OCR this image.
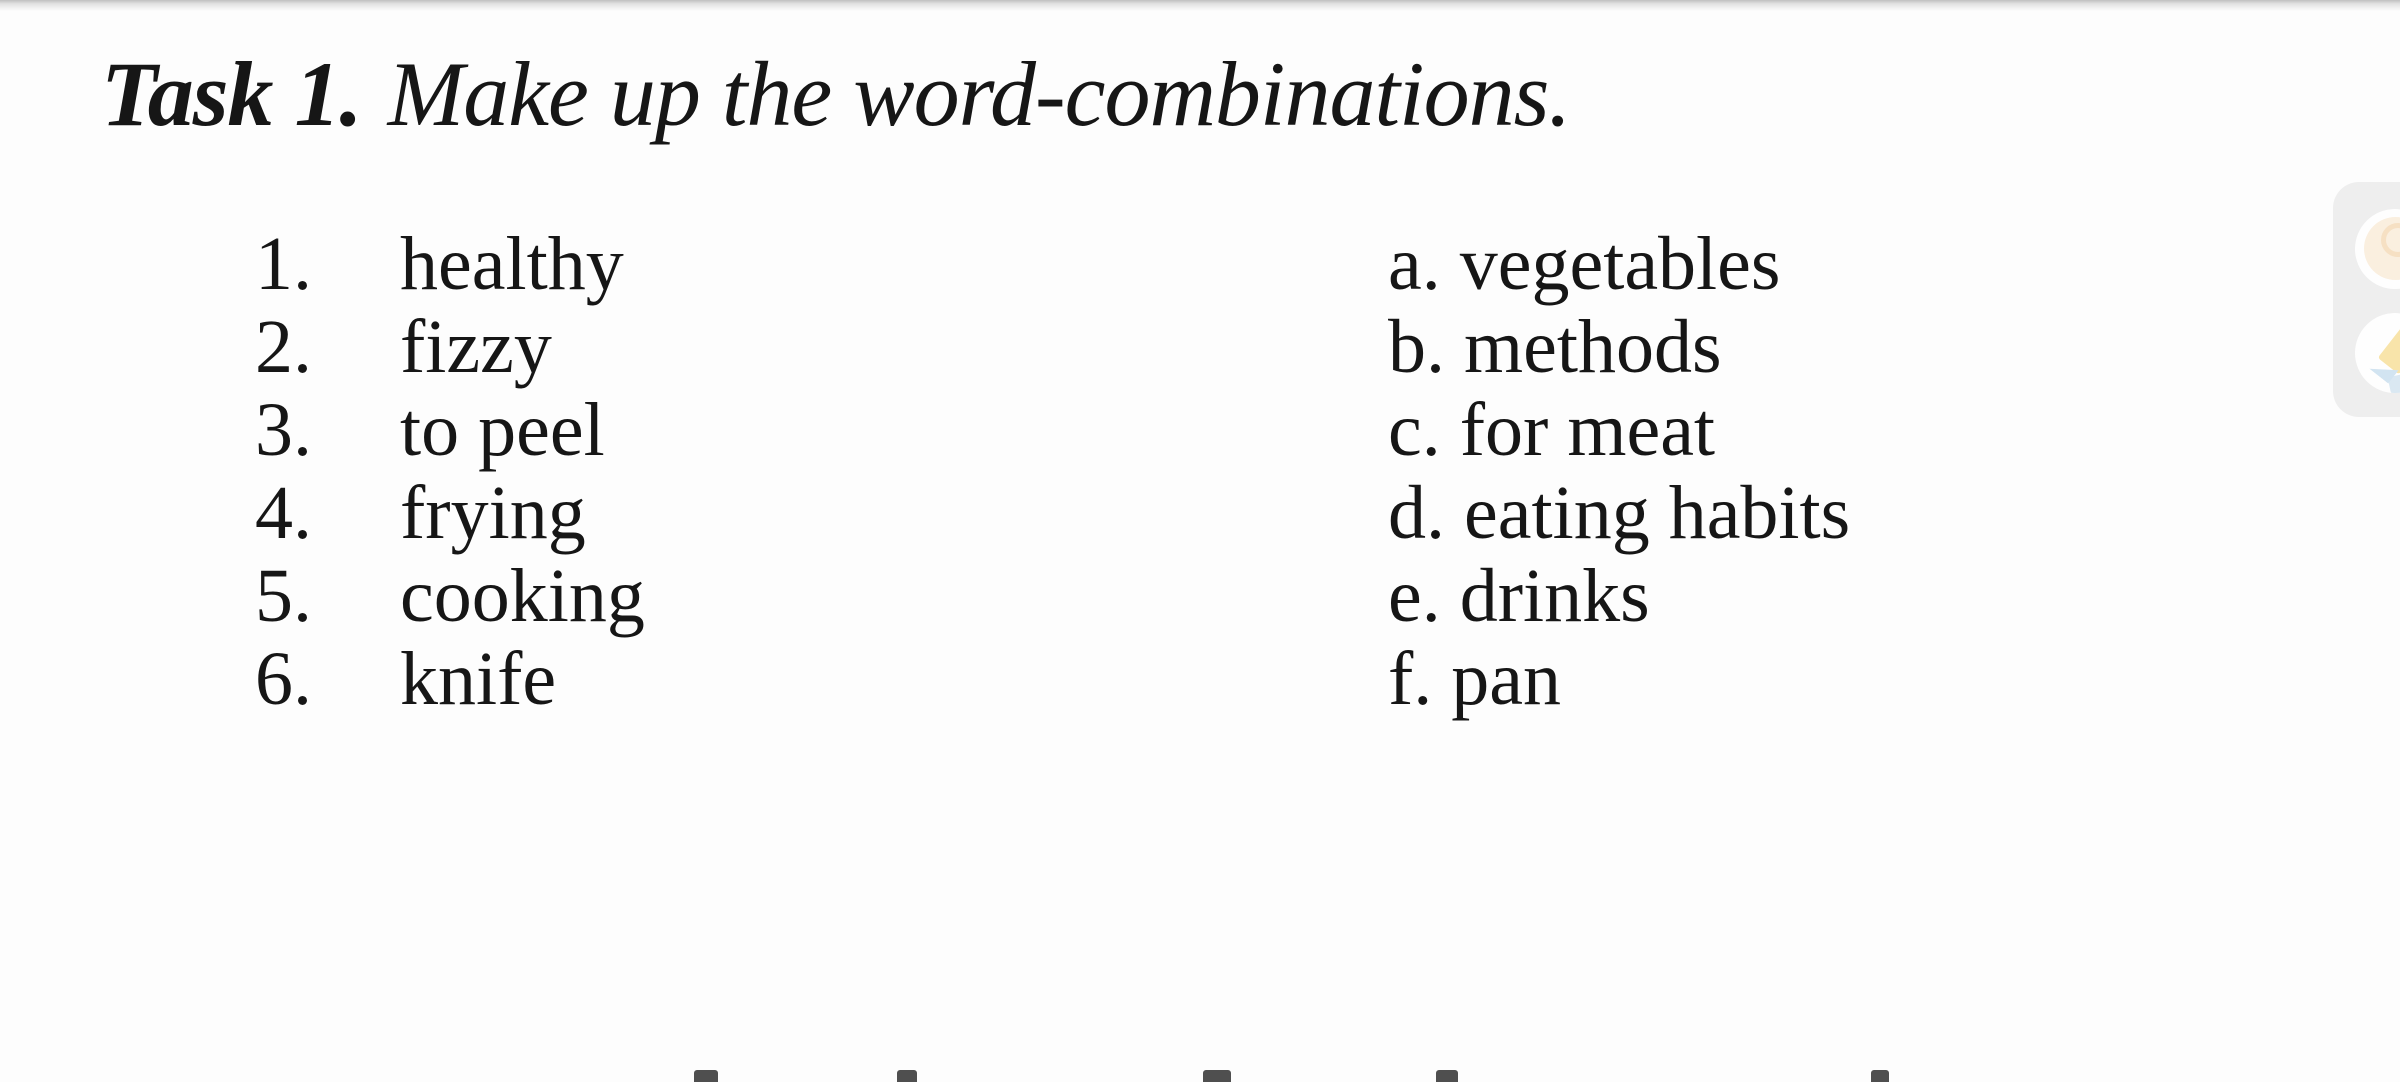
Task 1. Make up the word-combinations.
1.
2.
3.
4.
5.
6.
healthy
fizzy
to peel
frying
cooking
knife
a. vegetables
b. methods
c. for meat
d. eating habits
e. drinks
f. pan
